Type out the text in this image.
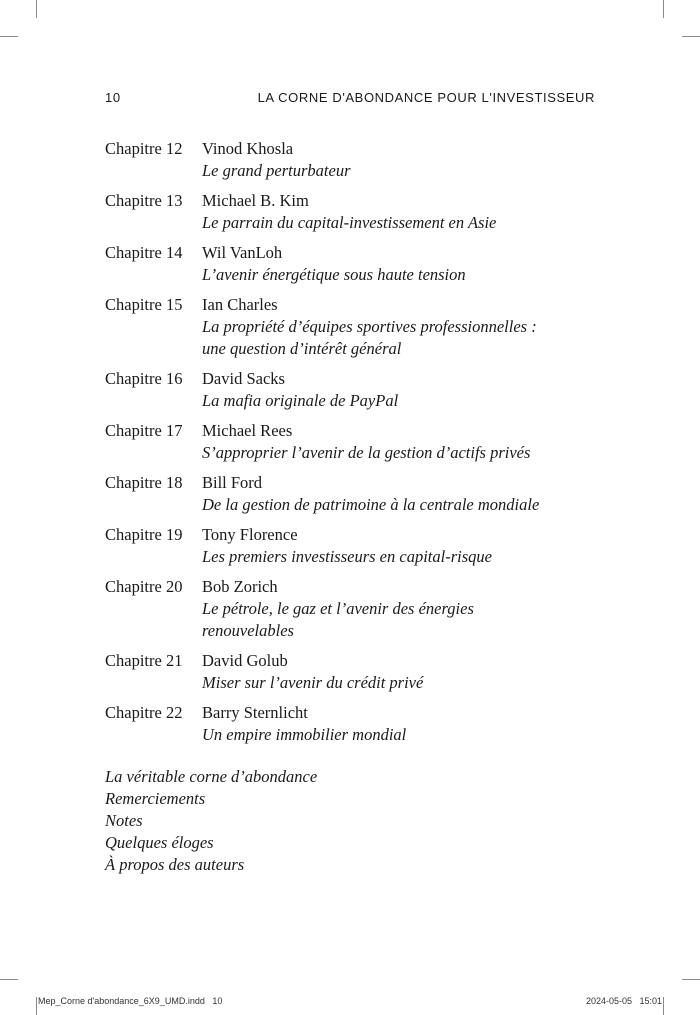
10	LA CORNE D'ABONDANCE POUR L'INVESTISSEUR
Chapitre 12	Vinod Khosla
Le grand perturbateur
Chapitre 13	Michael B. Kim
Le parrain du capital-investissement en Asie
Chapitre 14	Wil VanLoh
L’avenir énergétique sous haute tension
Chapitre 15	Ian Charles
La propriété d’équipes sportives professionnelles : une question d’intérêt général
Chapitre 16	David Sacks
La mafia originale de PayPal
Chapitre 17	Michael Rees
S’approprier l’avenir de la gestion d’actifs privés
Chapitre 18	Bill Ford
De la gestion de patrimoine à la centrale mondiale
Chapitre 19	Tony Florence
Les premiers investisseurs en capital-risque
Chapitre 20	Bob Zorich
Le pétrole, le gaz et l’avenir des énergies renouvelables
Chapitre 21	David Golub
Miser sur l’avenir du crédit privé
Chapitre 22	Barry Sternlicht
Un empire immobilier mondial
La véritable corne d’abondance
Remerciements
Notes
Quelques éloges
À propos des auteurs
Mep_Corne d'abondance_6X9_UMD.indd   10	2024-05-05   15:01
